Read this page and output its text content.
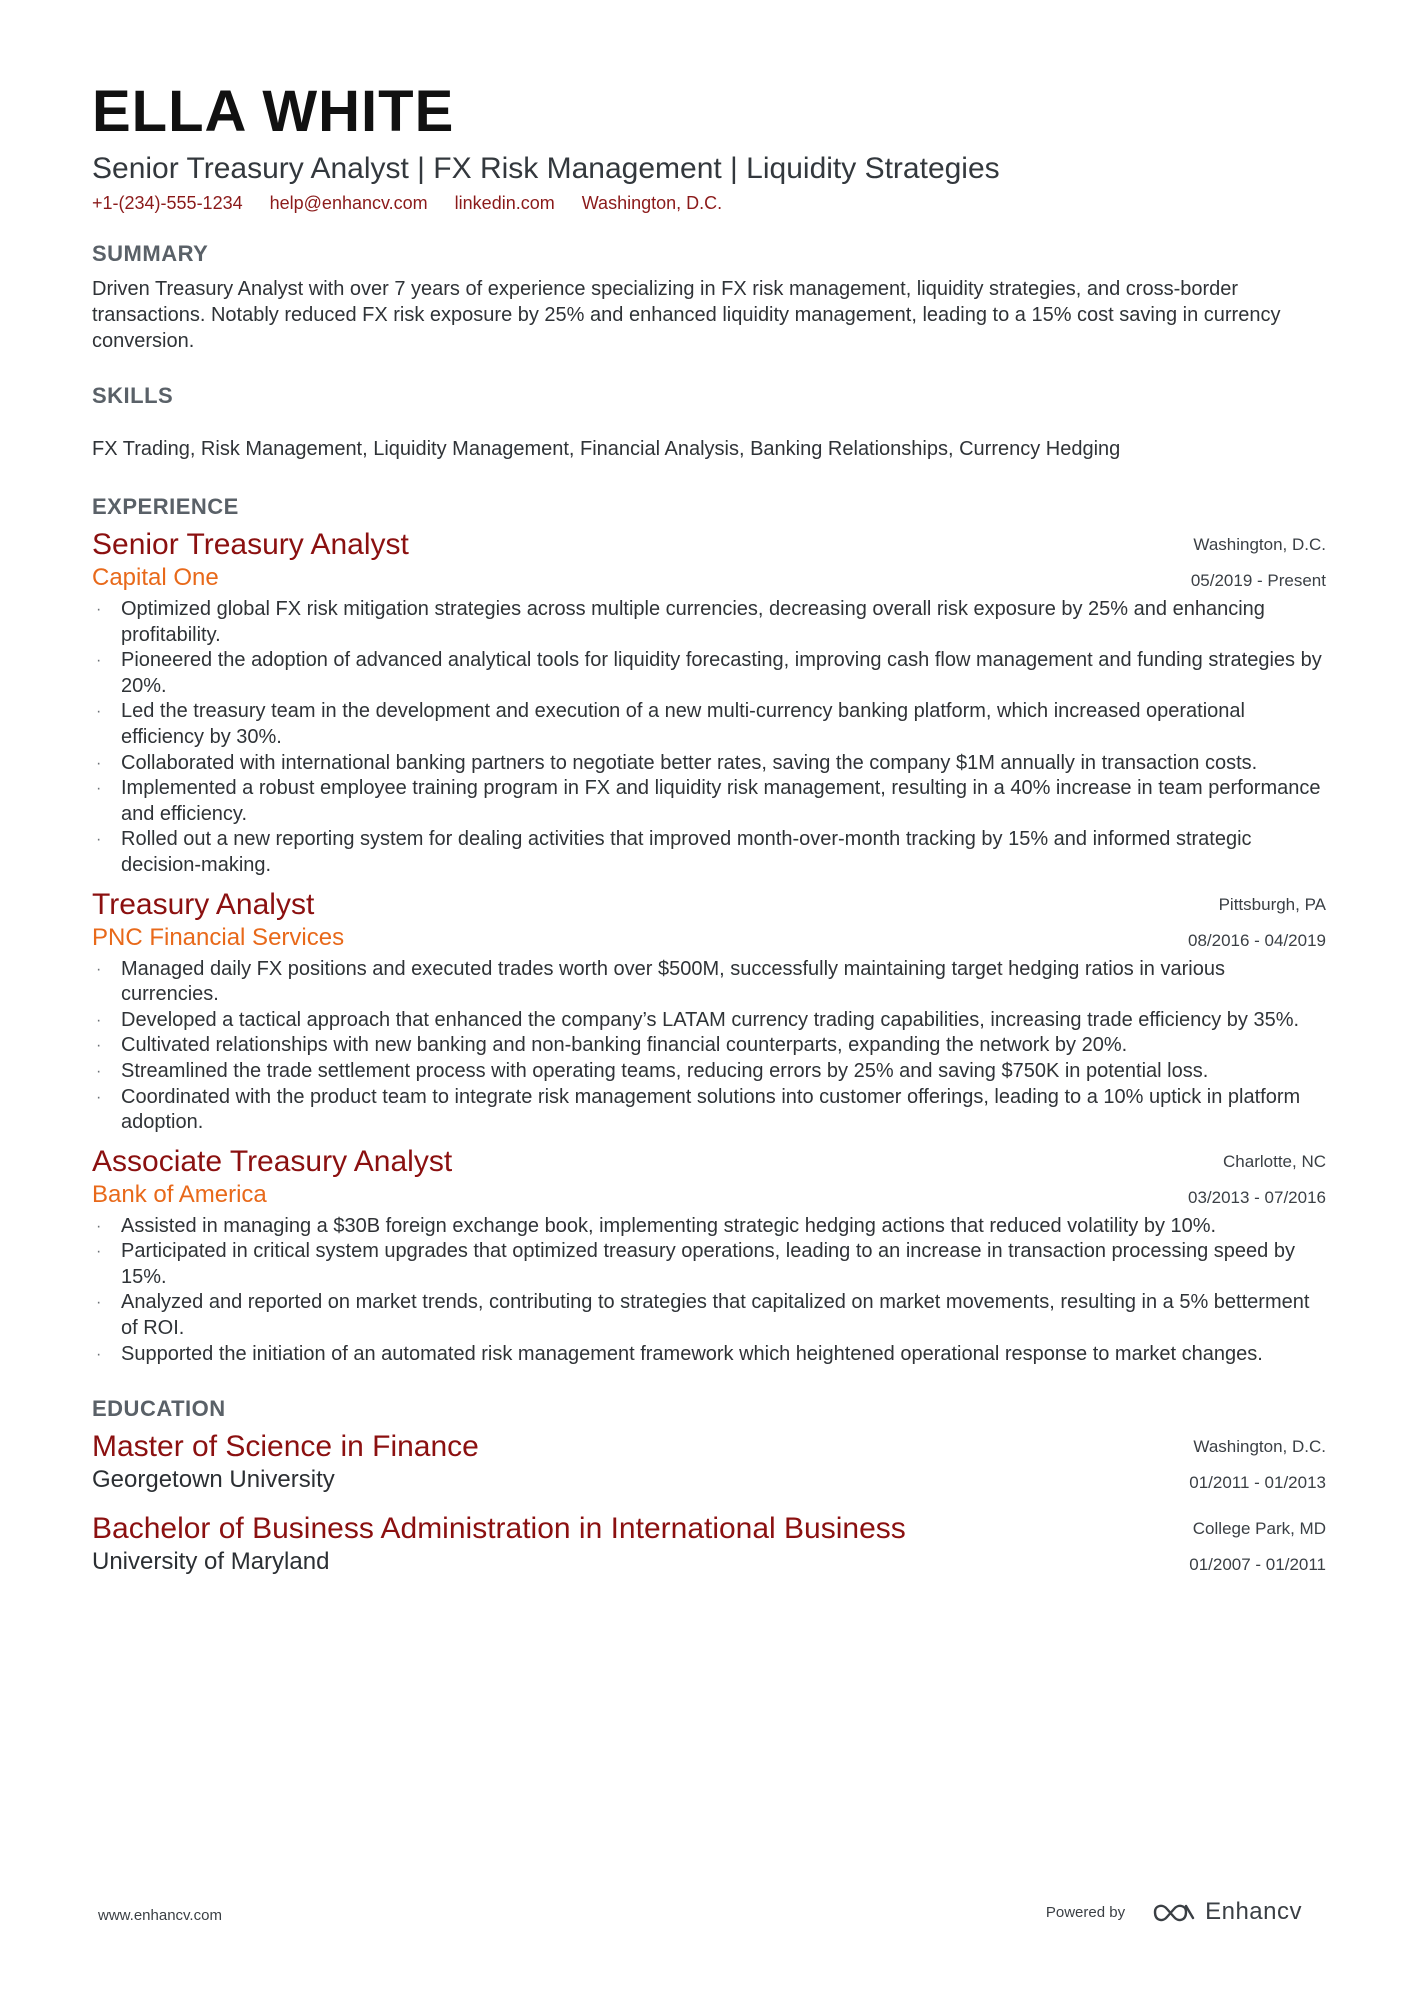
ELLA WHITE
Senior Treasury Analyst | FX Risk Management | Liquidity Strategies
+1-(234)-555-1234 help@enhancv.com linkedin.com Washington, D.C.
SUMMARY
Driven Treasury Analyst with over 7 years of experience specializing in FX risk management, liquidity strategies, and cross-border transactions. Notably reduced FX risk exposure by 25% and enhanced liquidity management, leading to a 15% cost saving in currency conversion.
SKILLS
FX Trading, Risk Management, Liquidity Management, Financial Analysis, Banking Relationships, Currency Hedging
EXPERIENCE
Senior Treasury Analyst
Capital One
Washington, D.C.
05/2019 - Present
· Optimized global FX risk mitigation strategies across multiple currencies, decreasing overall risk exposure by 25% and enhancing profitability.
· Pioneered the adoption of advanced analytical tools for liquidity forecasting, improving cash flow management and funding strategies by 20%.
· Led the treasury team in the development and execution of a new multi-currency banking platform, which increased operational efficiency by 30%.
· Collaborated with international banking partners to negotiate better rates, saving the company $1M annually in transaction costs.
· Implemented a robust employee training program in FX and liquidity risk management, resulting in a 40% increase in team performance and efficiency.
· Rolled out a new reporting system for dealing activities that improved month-over-month tracking by 15% and informed strategic decision-making.
Treasury Analyst
PNC Financial Services
Pittsburgh, PA
08/2016 - 04/2019
· Managed daily FX positions and executed trades worth over $500M, successfully maintaining target hedging ratios in various currencies.
· Developed a tactical approach that enhanced the company’s LATAM currency trading capabilities, increasing trade efficiency by 35%.
· Cultivated relationships with new banking and non-banking financial counterparts, expanding the network by 20%.
· Streamlined the trade settlement process with operating teams, reducing errors by 25% and saving $750K in potential loss.
· Coordinated with the product team to integrate risk management solutions into customer offerings, leading to a 10% uptick in platform adoption.
Associate Treasury Analyst
Bank of America
Charlotte, NC
03/2013 - 07/2016
· Assisted in managing a $30B foreign exchange book, implementing strategic hedging actions that reduced volatility by 10%.
· Participated in critical system upgrades that optimized treasury operations, leading to an increase in transaction processing speed by 15%.
· Analyzed and reported on market trends, contributing to strategies that capitalized on market movements, resulting in a 5% betterment of ROI.
· Supported the initiation of an automated risk management framework which heightened operational response to market changes.
EDUCATION
Master of Science in Finance
Georgetown University
Washington, D.C.
01/2011 - 01/2013
Bachelor of Business Administration in International Business
University of Maryland
College Park, MD
01/2007 - 01/2011
www.enhancv.com	Powered by	Enhancv
